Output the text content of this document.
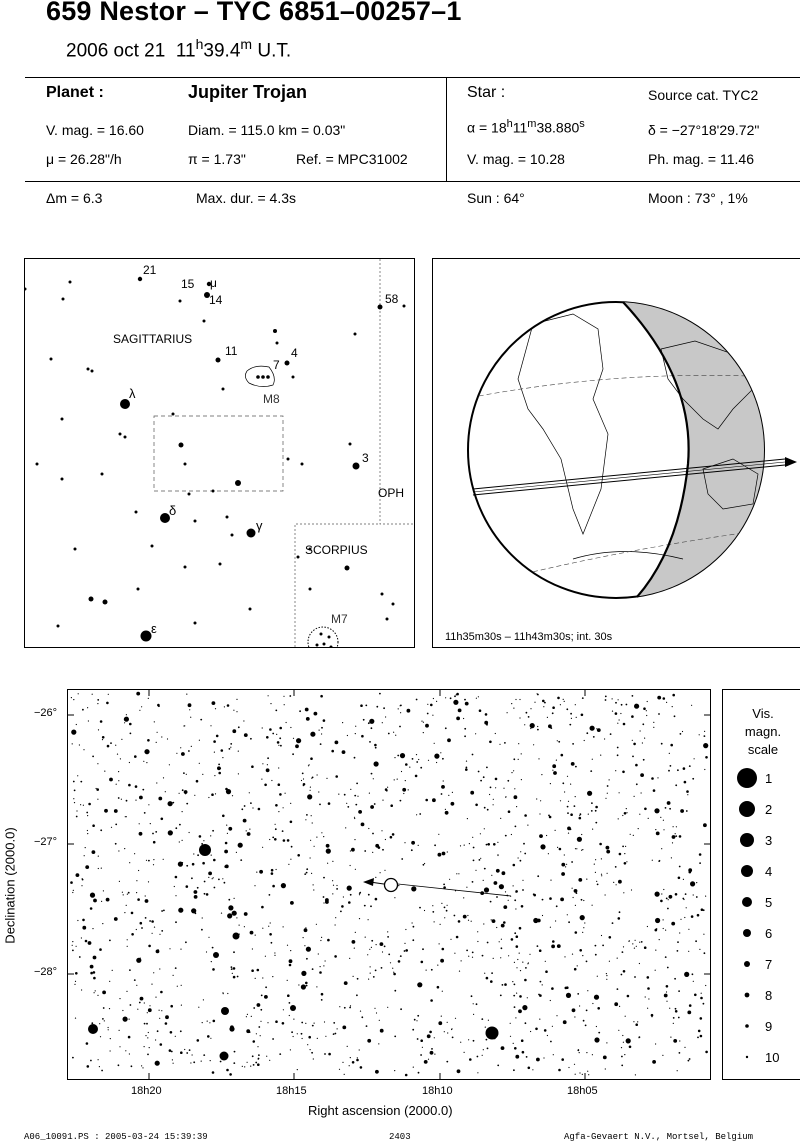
659 Nestor – TYC 6851–00257–1
2006 oct 21 11$^h$39.4$^m$ U.T.
Planet :	Jupiter Trojan
V. mag. = 16.60	Diam. = 115.0 km = 0.03"
μ = 26.28"/h	π = 1.73"	Ref. = MPC31002
Δm = 6.3	Max. dur. = 4.3s
Star :	Source cat. TYC2
$\alpha = 18^h11^m38.880^s$	δ = −27°18'29.72"
V. mag. = 10.28	Ph. mag. = 11.46
Sun : 64°	Moon : 73° , 1%
21
15 μ
14	58
11
7
4
λ
3
δ
γ
ε
SAGITTARIUS
SCORPIUS
OPH
M8
M7
11h35m30s – 11h43m30s; int. 30s
−26°
−27°
−28°
18h20	18h15	18h10	18h05
Right ascension (2000.0)
Declination (2000.0)
Vis.
magn.
scale
1
2
3
4
5
6
7
8
9
10
A06_10091.PS : 2005-03-24 15:39:39	2403	Agfa-Gevaert N.V., Mortsel, Belgium
